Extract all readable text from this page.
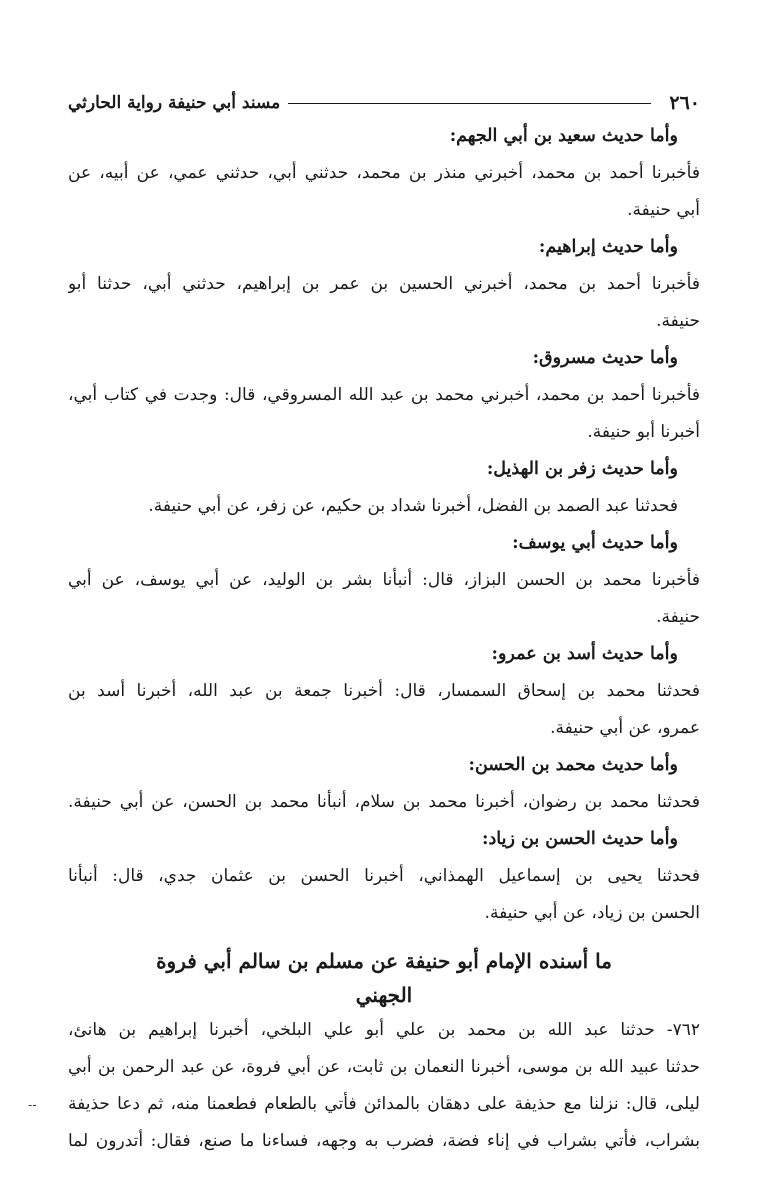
٢٦٠
مسند أبي حنيفة رواية الحارثي
وأما حديث سعيد بن أبي الجهم:
فأخبرنا أحمد بن محمد، أخبرني منذر بن محمد، حدثني أبي، حدثني عمي، عن أبيه، عن
أبي حنيفة.
وأما حديث إبراهيم:
فأخبرنا أحمد بن محمد، أخبرني الحسين بن عمر بن إبراهيم، حدثني أبي، حدثنا أبو
حنيفة.
وأما حديث مسروق:
فأخبرنا أحمد بن محمد، أخبرني محمد بن عبد الله المسروقي، قال: وجدت في كتاب أبي،
أخبرنا أبو حنيفة.
وأما حديث زفر بن الهذيل:
فحدثنا عبد الصمد بن الفضل، أخبرنا شداد بن حكيم، عن زفر، عن أبي حنيفة.
وأما حديث أبي يوسف:
فأخبرنا محمد بن الحسن البزاز، قال: أنبأنا بشر بن الوليد، عن أبي يوسف، عن أبي
حنيفة.
وأما حديث أسد بن عمرو:
فحدثنا محمد بن إسحاق السمسار، قال: أخبرنا جمعة بن عبد الله، أخبرنا أسد بن
عمرو، عن أبي حنيفة.
وأما حديث محمد بن الحسن:
فحدثنا محمد بن رضوان، أخبرنا محمد بن سلام، أنبأنا محمد بن الحسن، عن أبي حنيفة.
وأما حديث الحسن بن زياد:
فحدثنا يحيى بن إسماعيل الهمذاني، أخبرنا الحسن بن عثمان جدي، قال: أنبأنا
الحسن بن زياد، عن أبي حنيفة.
ما أسنده الإمام أبو حنيفة عن مسلم بن سالم أبي فروة
الجهني
٧٦٢- حدثنا عبد الله بن محمد بن علي أبو علي البلخي، أخبرنا إبراهيم بن هانئ،
حدثنا عبيد الله بن موسى، أخبرنا النعمان بن ثابت، عن أبي فروة، عن عبد الرحمن بن أبي
ليلى، قال: نزلنا مع حذيفة على دهقان بالمدائن فأتي بالطعام فطعمنا منه، ثم دعا حذيفة
بشراب، فأتي بشراب في إناء فضة، فضرب به وجهه، فساءنا ما صنع، فقال: أتدرون لما
--
